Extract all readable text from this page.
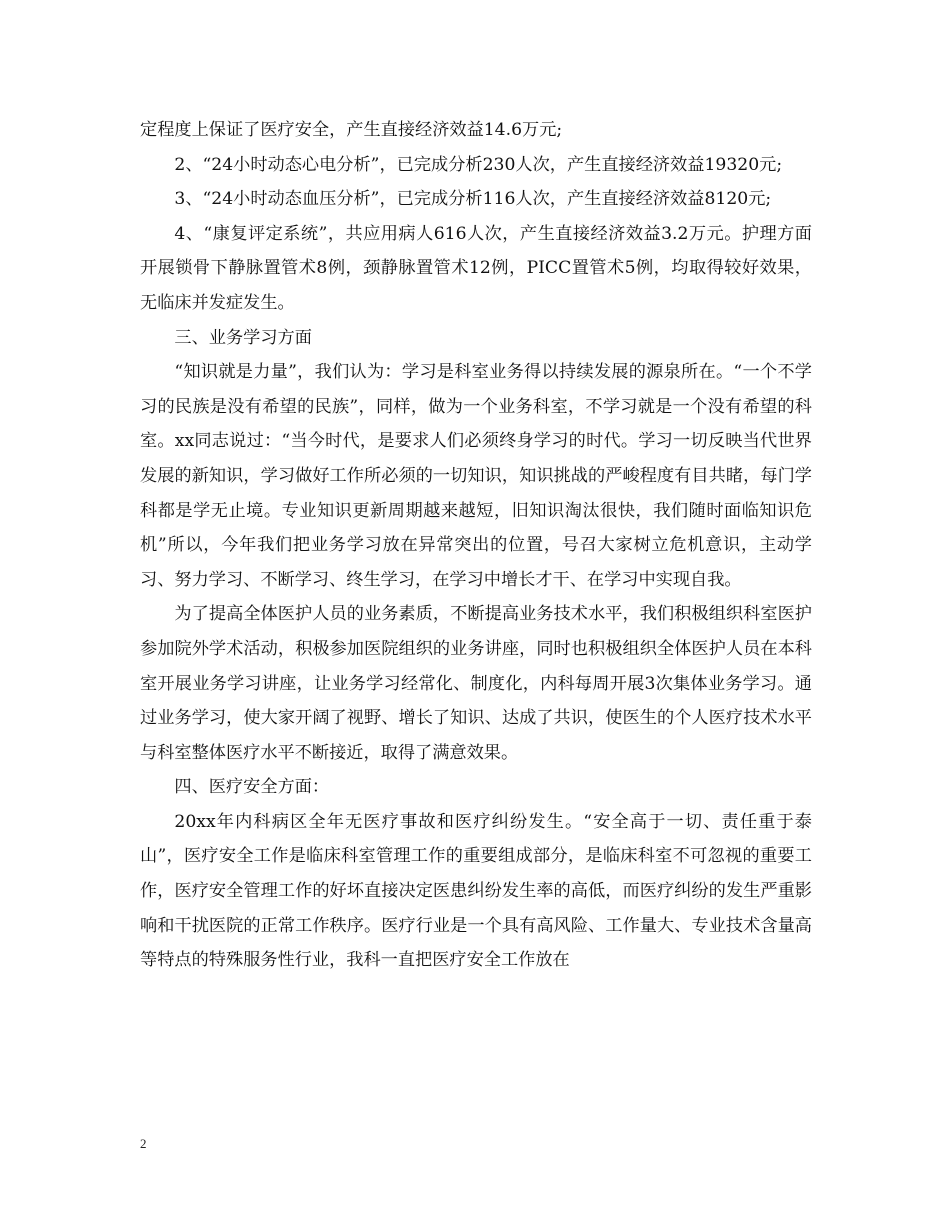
定程度上保证了医疗安全，产生直接经济效益14.6万元;

2、“24小时动态心电分析”，已完成分析230人次，产生直接经济效益19320元;

3、“24小时动态血压分析”，已完成分析116人次，产生直接经济效益8120元;

4、“康复评定系统”，共应用病人616人次，产生直接经济效益3.2万元。护理方面开展锁骨下静脉置管术8例，颈静脉置管术12例，PICC置管术5例，均取得较好效果，无临床并发症发生。

三、业务学习方面

“知识就是力量”，我们认为：学习是科室业务得以持续发展的源泉所在。“一个不学习的民族是没有希望的民族”，同样，做为一个业务科室，不学习就是一个没有希望的科室。xx同志说过：“当今时代，是要求人们必须终身学习的时代。学习一切反映当代世界发展的新知识，学习做好工作所必须的一切知识，知识挑战的严峻程度有目共睹，每门学科都是学无止境。专业知识更新周期越来越短，旧知识淘汰很快，我们随时面临知识危机”所以，今年我们把业务学习放在异常突出的位置，号召大家树立危机意识，主动学习、努力学习、不断学习、终生学习，在学习中增长才干、在学习中实现自我。

为了提高全体医护人员的业务素质，不断提高业务技术水平，我们积极组织科室医护参加院外学术活动，积极参加医院组织的业务讲座，同时也积极组织全体医护人员在本科室开展业务学习讲座，让业务学习经常化、制度化，内科每周开展3次集体业务学习。通过业务学习，使大家开阔了视野、增长了知识、达成了共识，使医生的个人医疗技术水平与科室整体医疗水平不断接近，取得了满意效果。

四、医疗安全方面：

20xx年内科病区全年无医疗事故和医疗纠纷发生。“安全高于一切、责任重于泰山”，医疗安全工作是临床科室管理工作的重要组成部分，是临床科室不可忽视的重要工作，医疗安全管理工作的好坏直接决定医患纠纷发生率的高低，而医疗纠纷的发生严重影响和干扰医院的正常工作秩序。医疗行业是一个具有高风险、工作量大、专业技术含量高等特点的特殊服务性行业，我科一直把医疗安全工作放在

2
